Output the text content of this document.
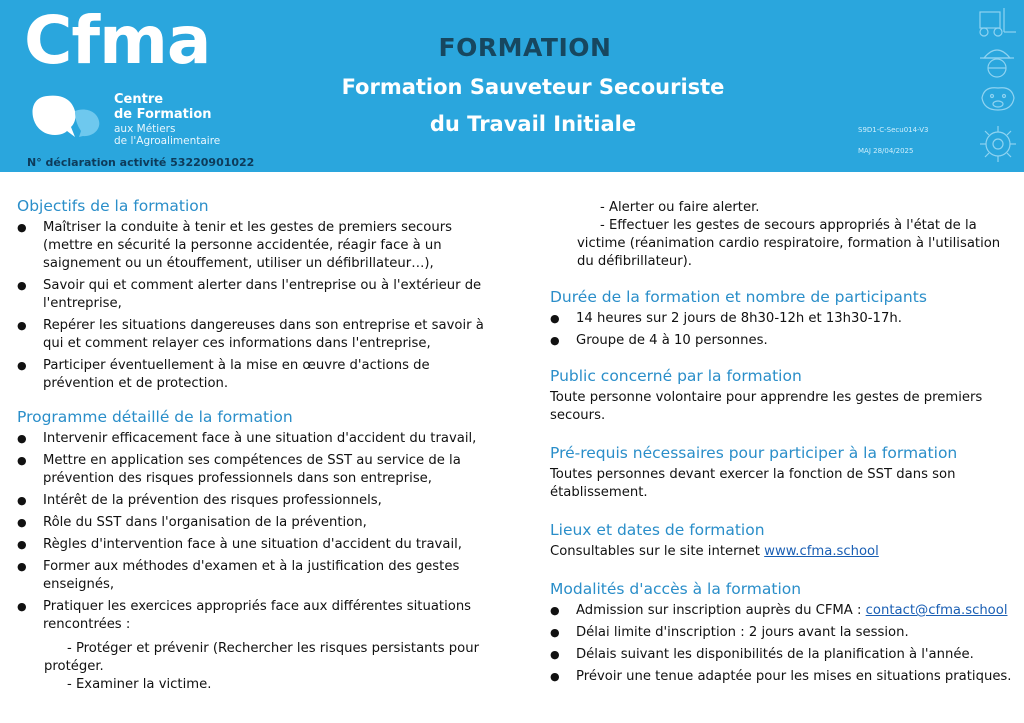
Cfma
Centre
de Formation
aux Métiers
de l'Agroalimentaire
N° déclaration activité 53220901022
FORMATION
Formation Sauveteur Secouriste
du Travail Initiale	S9D1-C-Secu014-V3
MAJ 28/04/2025
Objectifs de la formation
● Maîtriser la conduite à tenir et les gestes de premiers secours (mettre en sécurité la personne accidentée, réagir face à un saignement ou un étouffement, utiliser un défibrillateur…),
● Savoir qui et comment alerter dans l'entreprise ou à l'extérieur de l'entreprise,
● Repérer les situations dangereuses dans son entreprise et savoir à qui et comment relayer ces informations dans l'entreprise,
● Participer éventuellement à la mise en œuvre d'actions de prévention et de protection.
Programme détaillé de la formation
● Intervenir efficacement face à une situation d'accident du travail,
● Mettre en application ses compétences de SST au service de la prévention des risques professionnels dans son entreprise,
● Intérêt de la prévention des risques professionnels,
● Rôle du SST dans l'organisation de la prévention,
● Règles d'intervention face à une situation d'accident du travail,
● Former aux méthodes d'examen et à la justification des gestes enseignés,
● Pratiquer les exercices appropriés face aux différentes situations rencontrées :
- Protéger et prévenir (Rechercher les risques persistants pour protéger.
- Examiner la victime.
- Alerter ou faire alerter.
- Effectuer les gestes de secours appropriés à l'état de la victime (réanimation cardio respiratoire, formation à l'utilisation du défibrillateur).
Durée de la formation et nombre de participants
● 14 heures sur 2 jours de 8h30-12h et 13h30-17h.
● Groupe de 4 à 10 personnes.
Public concerné par la formation
Toute personne volontaire pour apprendre les gestes de premiers secours.
Pré-requis nécessaires pour participer à la formation
Toutes personnes devant exercer la fonction de SST dans son établissement.
Lieux et dates de formation
Consultables sur le site internet www.cfma.school
Modalités d'accès à la formation
● Admission sur inscription auprès du CFMA : contact@cfma.school
● Délai limite d'inscription : 2 jours avant la session.
● Délais suivant les disponibilités de la planification à l'année.
● Prévoir une tenue adaptée pour les mises en situations pratiques.
